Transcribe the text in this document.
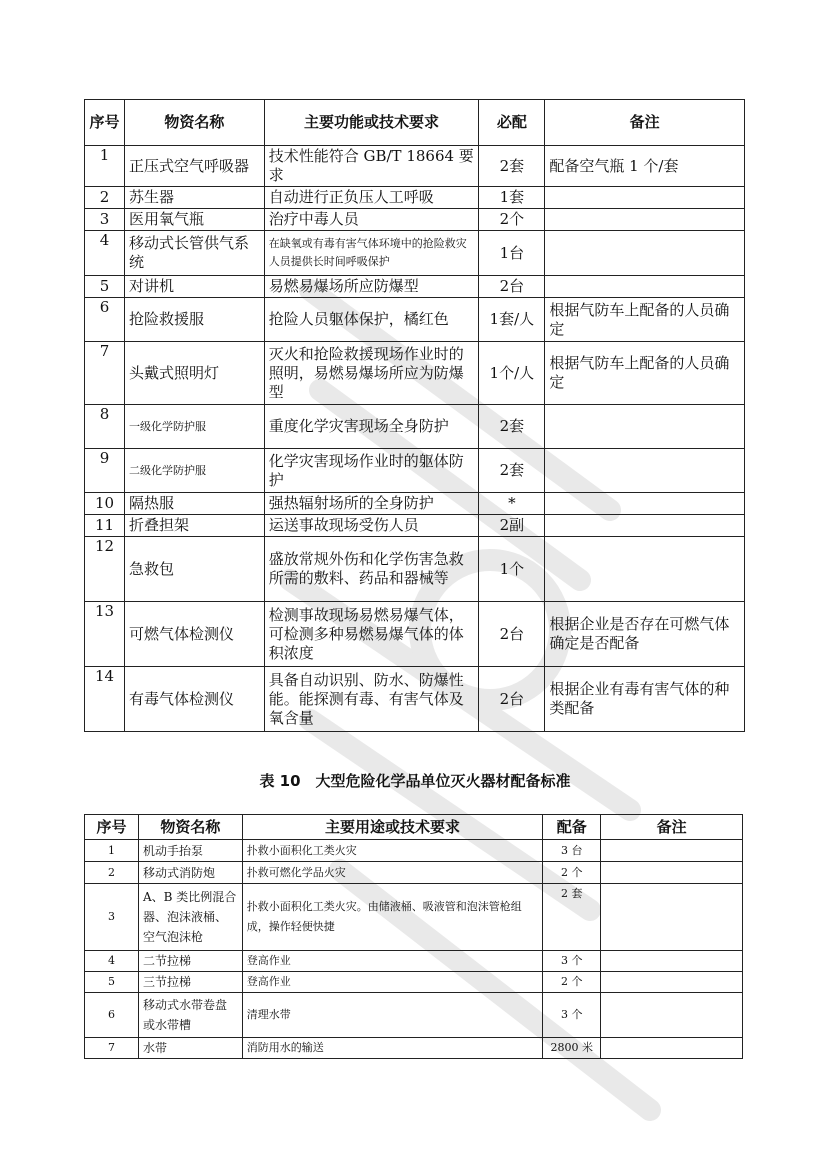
序号	物资名称	主要功能或技术要求	必配	备注
1	正压式空气呼吸器	技术性能符合 GB/T 18664 要求	2套	配备空气瓶 1 个/套
2	苏生器	自动进行正负压人工呼吸	1套	
3	医用氧气瓶	治疗中毒人员	2个	
4	移动式长管供气系统	在缺氧或有毒有害气体环境中的抢险救灾人员提供长时间呼吸保护	1台	
5	对讲机	易燃易爆场所应防爆型	2台	
6	抢险救援服	抢险人员躯体保护，橘红色	1套/人	根据气防车上配备的人员确定
7	头戴式照明灯	灭火和抢险救援现场作业时的照明，易燃易爆场所应为防爆型	1个/人	根据气防车上配备的人员确定
8	一级化学防护服	重度化学灾害现场全身防护	2套	
9	二级化学防护服	化学灾害现场作业时的躯体防护	2套	
10	隔热服	强热辐射场所的全身防护	*	
11	折叠担架	运送事故现场受伤人员	2副	
12	急救包	盛放常规外伤和化学伤害急救所需的敷料、药品和器械等	1个	
13	可燃气体检测仪	检测事故现场易燃易爆气体，可检测多种易燃易爆气体的体积浓度	2台	根据企业是否存在可燃气体确定是否配备
14	有毒气体检测仪	具备自动识别、防水、防爆性能。能探测有毒、有害气体及氧含量	2台	根据企业有毒有害气体的种类配备
表 10　大型危险化学品单位灭火器材配备标准
序号	物资名称	主要用途或技术要求	配备	备注
1	机动手抬泵	扑救小面积化工类火灾	3 台	
2	移动式消防炮	扑救可燃化学品火灾	2 个	
3	A、B 类比例混合器、泡沫液桶、空气泡沫枪	扑救小面积化工类火灾。由储液桶、吸液管和泡沫管枪组成，操作轻便快捷	2 套	
4	二节拉梯	登高作业	3 个	
5	三节拉梯	登高作业	2 个	
6	移动式水带卷盘或水带槽	清理水带	3 个	
7	水带	消防用水的输送	2800 米	
